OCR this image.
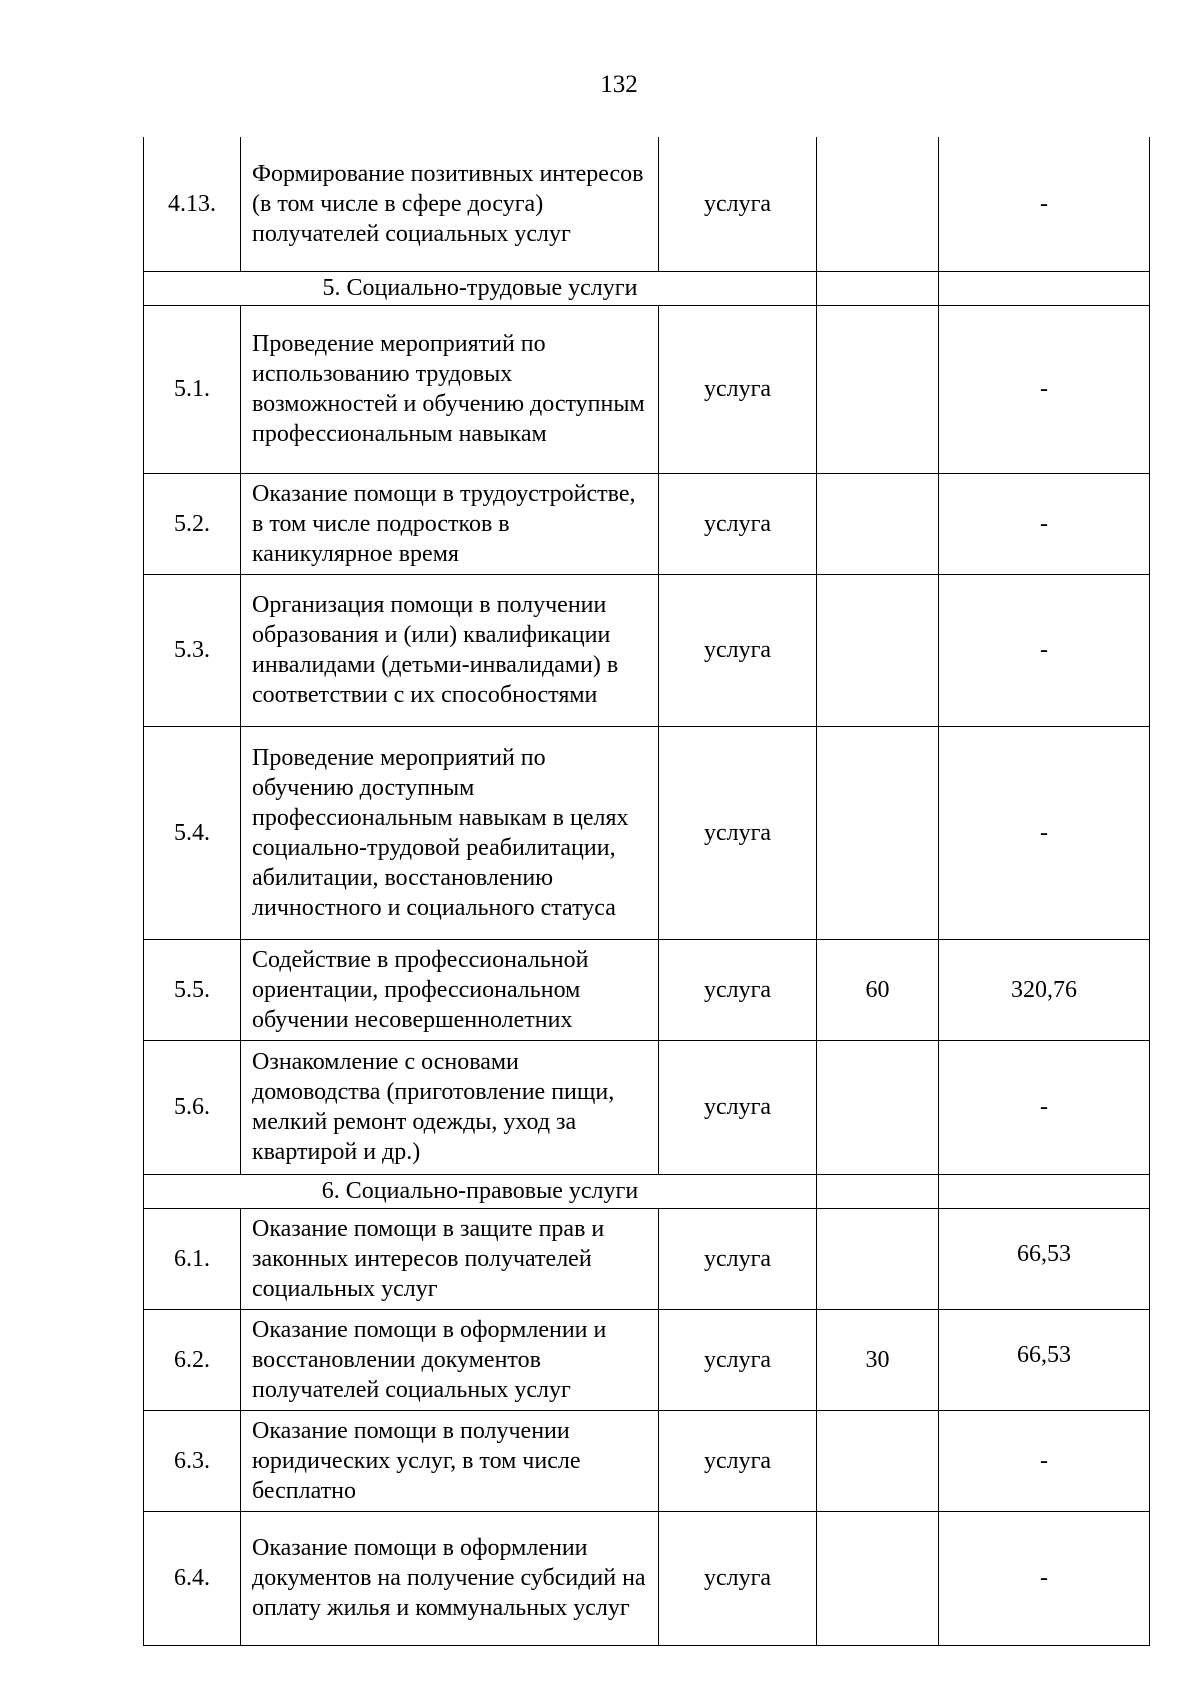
132
4.13.	Формирование позитивных интересов (в том числе в сфере досуга) получателей социальных услуг	услуга		-
5. Социально-трудовые услуги				
5.1.	Проведение мероприятий по использованию трудовых возможностей и обучению доступным профессиональным навыкам	услуга		-
5.2.	Оказание помощи в трудоустройстве, в том числе подростков в каникулярное время	услуга		-
5.3.	Организация помощи в получении образования и (или) квалификации инвалидами (детьми-инвалидами) в соответствии с их способностями	услуга		-
5.4.	Проведение мероприятий по обучению доступным профессиональным навыкам в целях социально-трудовой реабилитации, абилитации, восстановлению личностного и социального статуса	услуга		-
5.5.	Содействие в профессиональной ориентации, профессиональном обучении несовершеннолетних	услуга	60	320,76
5.6.	Ознакомление с основами домоводства (приготовление пищи, мелкий ремонт одежды, уход за квартирой и др.)	услуга		-
6. Социально-правовые услуги				
6.1.	Оказание помощи в защите прав и законных интересов получателей социальных услуг	услуга		66,53
6.2.	Оказание помощи в оформлении и восстановлении документов получателей социальных услуг	услуга	30	66,53
6.3.	Оказание помощи в получении юридических услуг, в том числе бесплатно	услуга		-
6.4.	Оказание помощи в оформлении документов на получение субсидий на оплату жилья и коммунальных услуг	услуга		-
